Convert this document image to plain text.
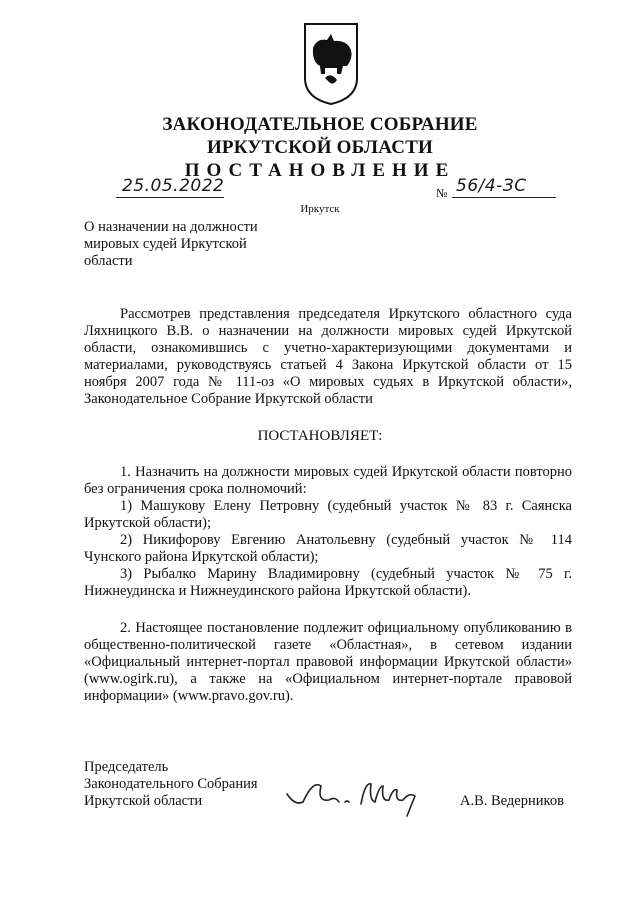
ЗАКОНОДАТЕЛЬНОЕ СОБРАНИЕ
ИРКУТСКОЙ ОБЛАСТИ
ПОСТАНОВЛЕНИЕ
25.05.2022	№ 56/4-ЗС
Иркутск
О назначении на должности
мировых судей Иркутской
области

Рассмотрев представления председателя Иркутского областного суда Ляхницкого В.В. о назначении на должности мировых судей Иркутской области, ознакомившись с учетно-характеризующими документами и материалами, руководствуясь статьей 4 Закона Иркутской области от 15 ноября 2007 года № 111-оз «О мировых судьях в Иркутской области», Законодательное Собрание Иркутской области

ПОСТАНОВЛЯЕТ:

1. Назначить на должности мировых судей Иркутской области повторно без ограничения срока полномочий:

1) Машукову Елену Петровну (судебный участок № 83 г. Саянска Иркутской области);

2) Никифорову Евгению Анатольевну (судебный участок № 114 Чунского района Иркутской области);

3) Рыбалко Марину Владимировну (судебный участок № 75 г. Нижнеудинска и Нижнеудинского района Иркутской области).

2. Настоящее постановление подлежит официальному опубликованию в общественно-политической газете «Областная», в сетевом издании «Официальный интернет-портал правовой информации Иркутской области» (www.ogirk.ru), а также на «Официальном интернет-портале правовой информации» (www.pravo.gov.ru).

Председатель
Законодательного Собрания
Иркутской области	А.В. Ведерников
